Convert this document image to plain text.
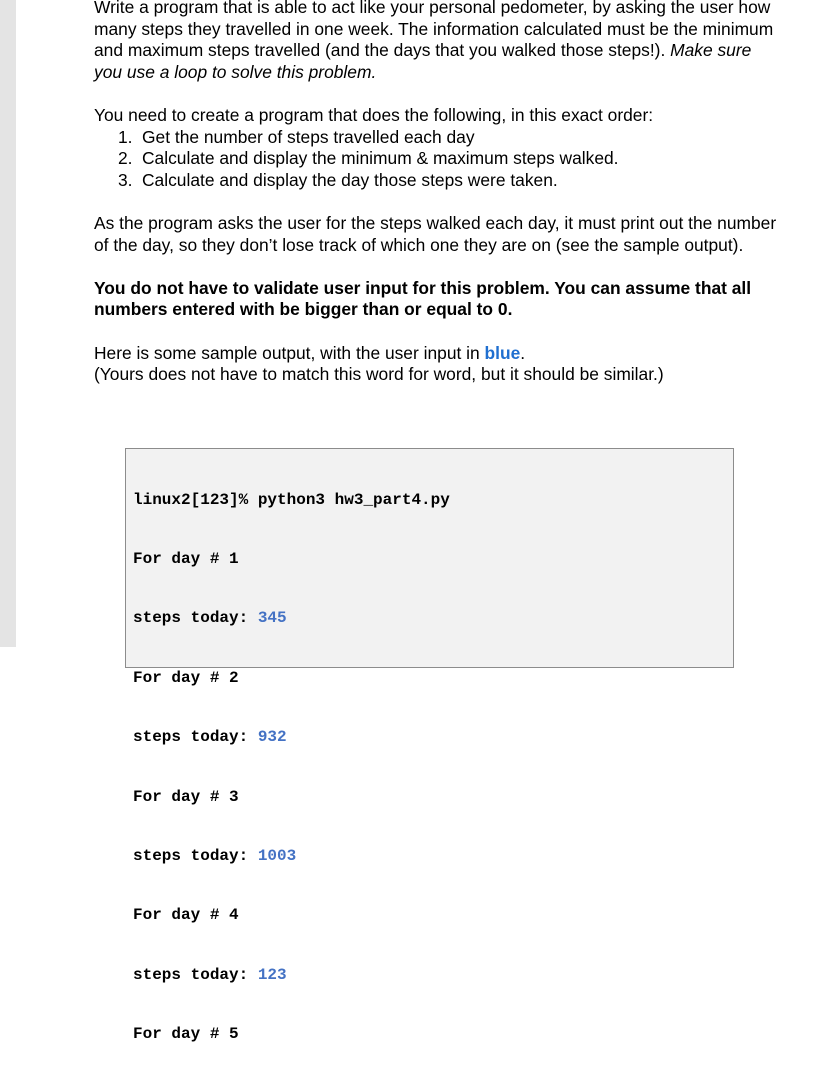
Write a program that is able to act like your personal pedometer, by asking the user how many steps they travelled in one week. The information calculated must be the minimum and maximum steps travelled (and the days that you walked those steps!). Make sure you use a loop to solve this problem.

You need to create a program that does the following, in this exact order:

1. Get the number of steps travelled each day
2. Calculate and display the minimum & maximum steps walked.
3. Calculate and display the day those steps were taken.

As the program asks the user for the steps walked each day, it must print out the number of the day, so they don’t lose track of which one they are on (see the sample output).

You do not have to validate user input for this problem. You can assume that all numbers entered with be bigger than or equal to 0.

Here is some sample output, with the user input in blue.

(Yours does not have to match this word for word, but it should be similar.)

linux2[123]% python3 hw3_part4.py

For day # 1

steps today: 345

For day # 2

steps today: 932

For day # 3

steps today: 1003

For day # 4

steps today: 123

For day # 5
